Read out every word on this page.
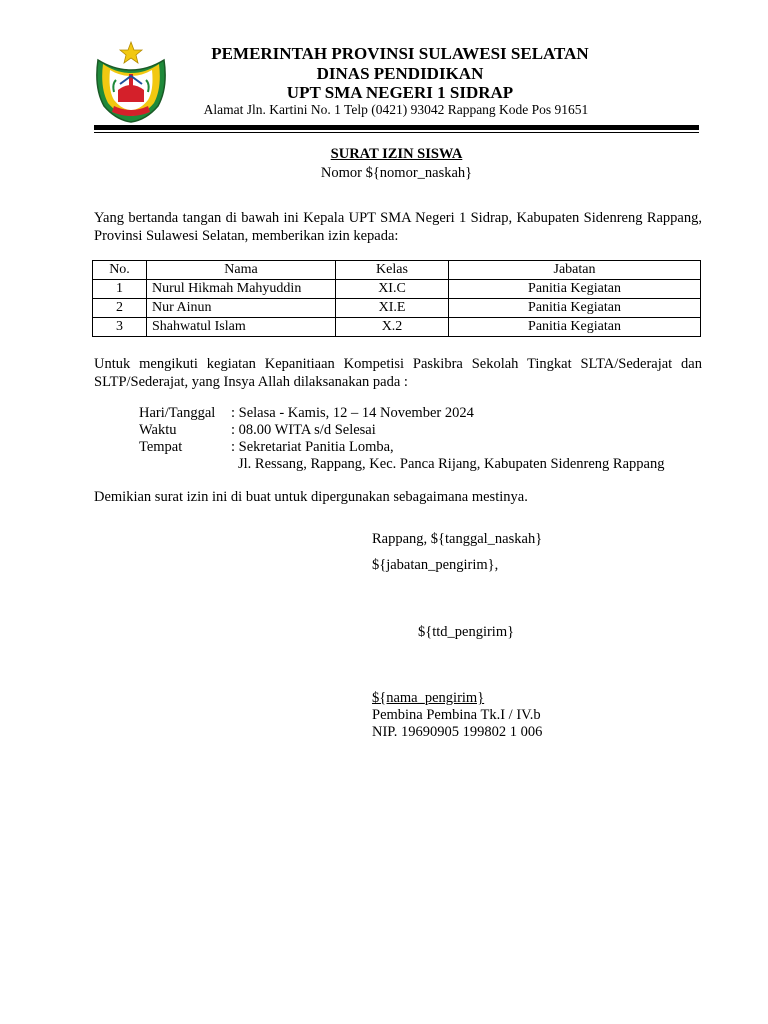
PEMERINTAH PROVINSI SULAWESI SELATAN
DINAS PENDIDIKAN
UPT SMA NEGERI 1 SIDRAP
Alamat Jln. Kartini No. 1 Telp (0421) 93042 Rappang Kode Pos 91651
SURAT IZIN SISWA
Nomor ${nomor_naskah}
Yang bertanda tangan di bawah ini Kepala UPT SMA Negeri 1 Sidrap, Kabupaten Sidenreng Rappang, Provinsi Sulawesi Selatan, memberikan izin kepada:
No.	Nama	Kelas	Jabatan
1	Nurul Hikmah Mahyuddin	XI.C	Panitia Kegiatan
2	Nur Ainun	XI.E	Panitia Kegiatan
3	Shahwatul Islam	X.2	Panitia Kegiatan
Untuk mengikuti kegiatan Kepanitiaan Kompetisi Paskibra Sekolah Tingkat SLTA/Sederajat dan SLTP/Sederajat, yang Insya Allah dilaksanakan pada :
Hari/Tanggal	: Selasa - Kamis, 12 – 14 November 2024
Waktu	: 08.00 WITA s/d Selesai
Tempat	: Sekretariat Panitia Lomba,
Jl. Ressang, Rappang, Kec. Panca Rijang, Kabupaten Sidenreng Rappang
Demikian surat izin ini di buat untuk dipergunakan sebagaimana mestinya.
Rappang, ${tanggal_naskah}
${jabatan_pengirim},
${ttd_pengirim}
${nama_pengirim}
Pembina Pembina Tk.I / IV.b
NIP. 19690905 199802 1 006
